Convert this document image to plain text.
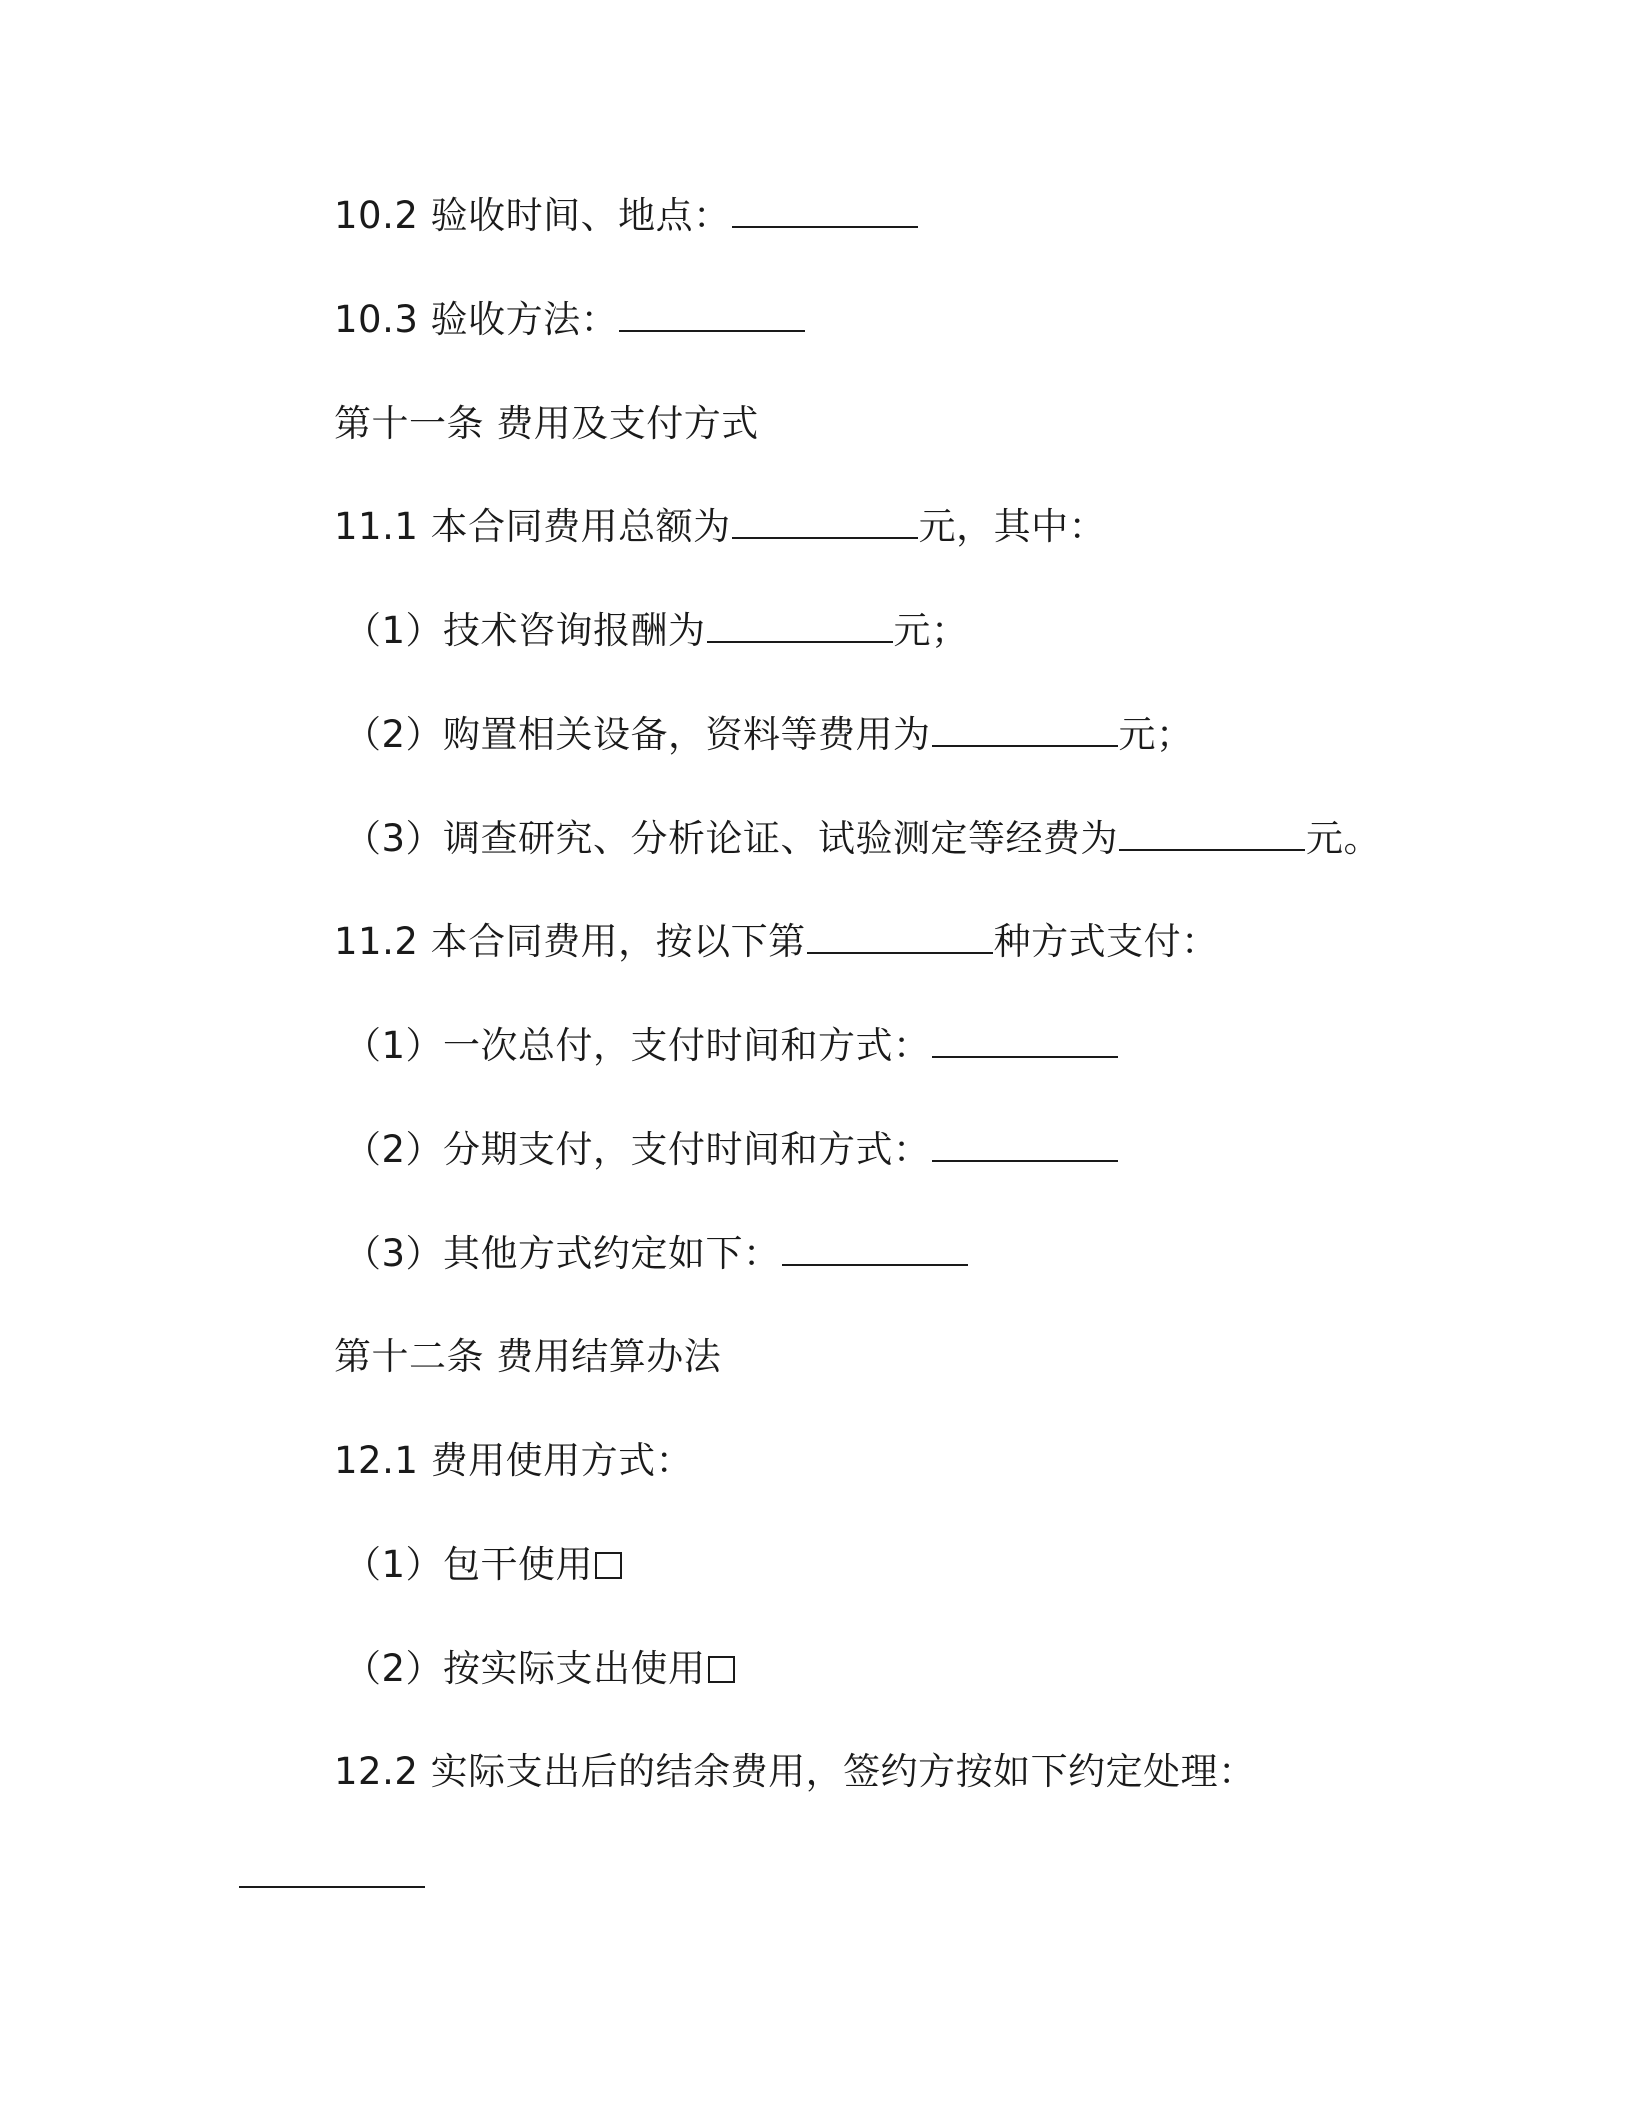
10.2 验收时间、地点：
10.3 验收方法：
第十一条 费用及支付方式
11.1 本合同费用总额为	元，其中：
（1）技术咨询报酬为	元；
（2）购置相关设备，资料等费用为	元；
（3）调查研究、分析论证、试验测定等经费为	元。
11.2 本合同费用，按以下第	种方式支付：
（1）一次总付，支付时间和方式：
（2）分期支付，支付时间和方式：
（3）其他方式约定如下：
第十二条 费用结算办法
12.1 费用使用方式：
（1）包干使用
（2）按实际支出使用
12.2 实际支出后的结余费用，签约方按如下约定处理：
